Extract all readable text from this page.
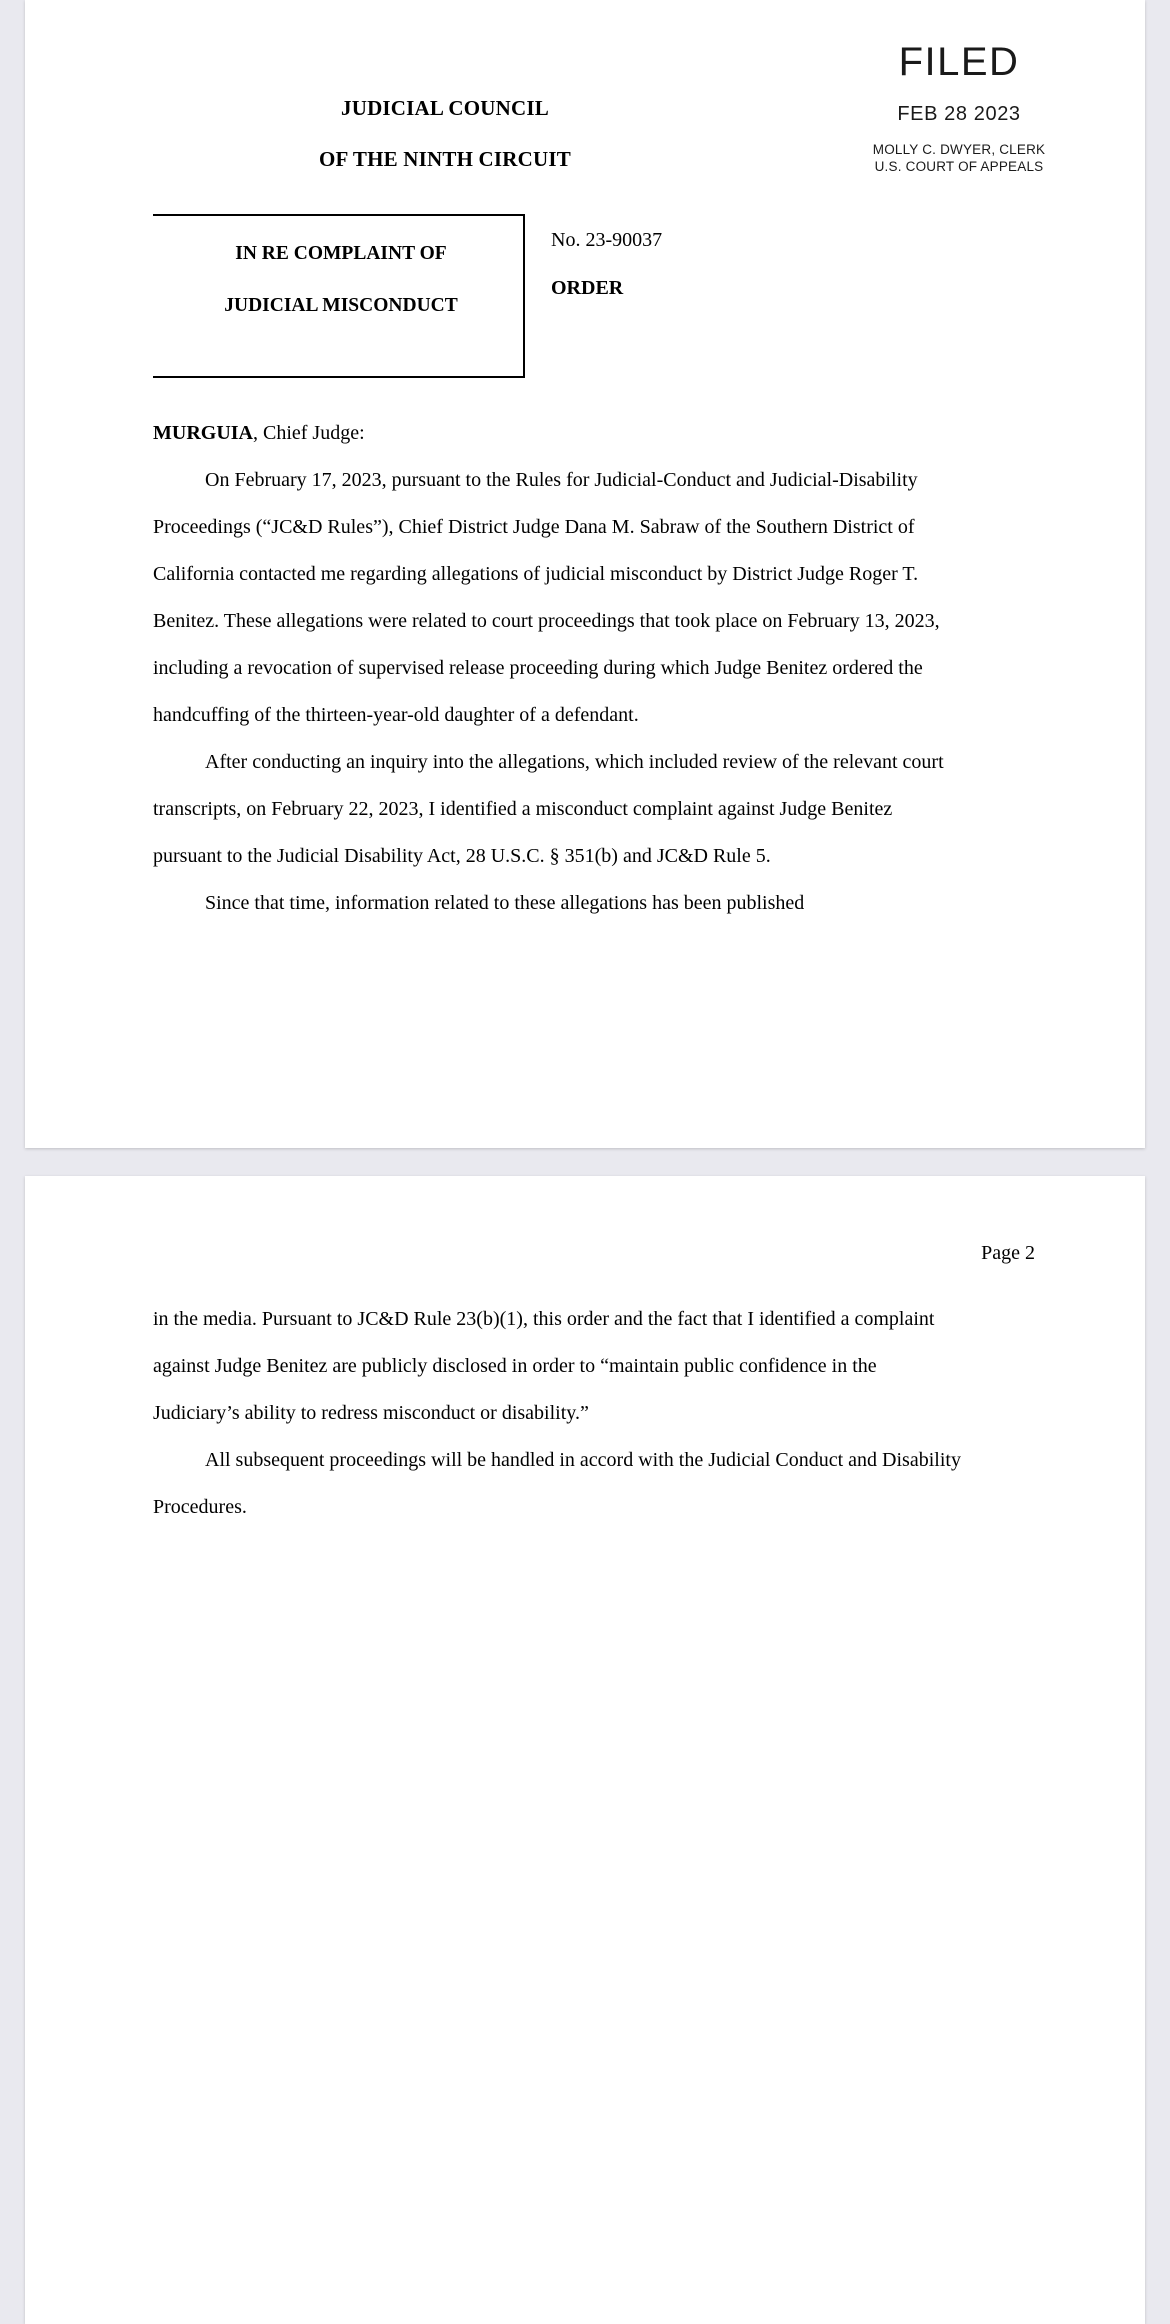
FILED
FEB 28 2023
MOLLY C. DWYER, CLERK
U.S. COURT OF APPEALS
JUDICIAL COUNCIL
OF THE NINTH CIRCUIT
IN RE COMPLAINT OF
JUDICIAL MISCONDUCT
No. 23-90037
ORDER

MURGUIA, Chief Judge:

On February 17, 2023, pursuant to the Rules for Judicial-Conduct and Judicial-Disability Proceedings (“JC&D Rules”), Chief District Judge Dana M. Sabraw of the Southern District of California contacted me regarding allegations of judicial misconduct by District Judge Roger T. Benitez. These allegations were related to court proceedings that took place on February 13, 2023, including a revocation of supervised release proceeding during which Judge Benitez ordered the handcuffing of the thirteen-year-old daughter of a defendant.

After conducting an inquiry into the allegations, which included review of the relevant court transcripts, on February 22, 2023, I identified a misconduct complaint against Judge Benitez pursuant to the Judicial Disability Act, 28 U.S.C. § 351(b) and JC&D Rule 5.

Since that time, information related to these allegations has been published

Page 2

in the media. Pursuant to JC&D Rule 23(b)(1), this order and the fact that I identified a complaint against Judge Benitez are publicly disclosed in order to “maintain public confidence in the Judiciary’s ability to redress misconduct or disability.”

All subsequent proceedings will be handled in accord with the Judicial Conduct and Disability Procedures.
